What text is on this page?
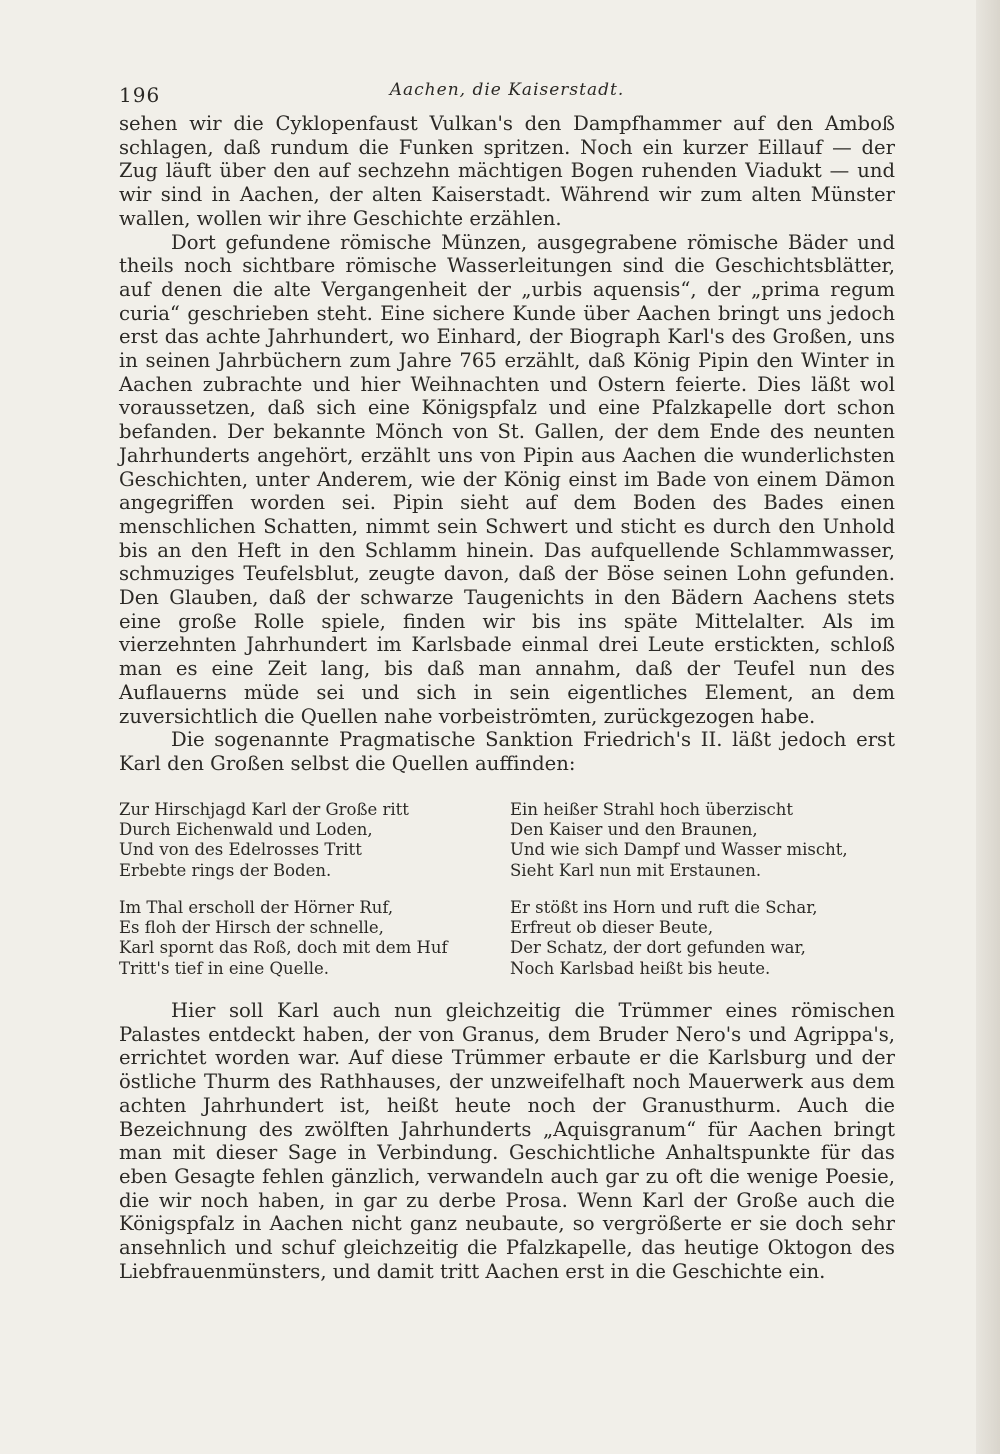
196	Aachen, die Kaiserstadt.

sehen wir die Cyklopenfaust Vulkan's den Dampfhammer auf den Amboß schlagen, daß rundum die Funken spritzen. Noch ein kurzer Eillauf — der Zug läuft über den auf sechzehn mächtigen Bogen ruhenden Viadukt — und wir sind in Aachen, der alten Kaiserstadt. Während wir zum alten Münster wallen, wollen wir ihre Geschichte erzählen.

Dort gefundene römische Münzen, ausgegrabene römische Bäder und theils noch sichtbare römische Wasserleitungen sind die Geschichtsblätter, auf denen die alte Vergangenheit der „urbis aquensis“, der „prima regum curia“ geschrieben steht. Eine sichere Kunde über Aachen bringt uns jedoch erst das achte Jahrhundert, wo Einhard, der Biograph Karl's des Großen, uns in seinen Jahrbüchern zum Jahre 765 erzählt, daß König Pipin den Winter in Aachen zubrachte und hier Weihnachten und Ostern feierte. Dies läßt wol voraussetzen, daß sich eine Königspfalz und eine Pfalzkapelle dort schon befanden. Der bekannte Mönch von St. Gallen, der dem Ende des neunten Jahrhunderts angehört, erzählt uns von Pipin aus Aachen die wunderlichsten Geschichten, unter Anderem, wie der König einst im Bade von einem Dämon angegriffen worden sei. Pipin sieht auf dem Boden des Bades einen menschlichen Schatten, nimmt sein Schwert und sticht es durch den Unhold bis an den Heft in den Schlamm hinein. Das aufquellende Schlammwasser, schmuziges Teufelsblut, zeugte davon, daß der Böse seinen Lohn gefunden. Den Glauben, daß der schwarze Taugenichts in den Bädern Aachens stets eine große Rolle spiele, finden wir bis ins späte Mittelalter. Als im vierzehnten Jahrhundert im Karlsbade einmal drei Leute erstickten, schloß man es eine Zeit lang, bis daß man annahm, daß der Teufel nun des Auflauerns müde sei und sich in sein eigentliches Element, an dem zuversichtlich die Quellen nahe vorbeiströmten, zurückgezogen habe.

Die sogenannte Pragmatische Sanktion Friedrich's II. läßt jedoch erst Karl den Großen selbst die Quellen auffinden:

Zur Hirschjagd Karl der Große ritt
Durch Eichenwald und Loden,
Und von des Edelrosses Tritt
Erbebte rings der Boden.
Im Thal erscholl der Hörner Ruf,
Es floh der Hirsch der schnelle,
Karl spornt das Roß, doch mit dem Huf
Tritt's tief in eine Quelle.
Ein heißer Strahl hoch überzischt
Den Kaiser und den Braunen,
Und wie sich Dampf und Wasser mischt,
Sieht Karl nun mit Erstaunen.
Er stößt ins Horn und ruft die Schar,
Erfreut ob dieser Beute,
Der Schatz, der dort gefunden war,
Noch Karlsbad heißt bis heute.

Hier soll Karl auch nun gleichzeitig die Trümmer eines römischen Palastes entdeckt haben, der von Granus, dem Bruder Nero's und Agrippa's, errichtet worden war. Auf diese Trümmer erbaute er die Karlsburg und der östliche Thurm des Rathhauses, der unzweifelhaft noch Mauerwerk aus dem achten Jahrhundert ist, heißt heute noch der Granusthurm. Auch die Bezeichnung des zwölften Jahrhunderts „Aquisgranum“ für Aachen bringt man mit dieser Sage in Verbindung. Geschichtliche Anhaltspunkte für das eben Gesagte fehlen gänzlich, verwandeln auch gar zu oft die wenige Poesie, die wir noch haben, in gar zu derbe Prosa. Wenn Karl der Große auch die Königspfalz in Aachen nicht ganz neubaute, so vergrößerte er sie doch sehr ansehnlich und schuf gleichzeitig die Pfalzkapelle, das heutige Oktogon des Liebfrauenmünsters, und damit tritt Aachen erst in die Geschichte ein.
